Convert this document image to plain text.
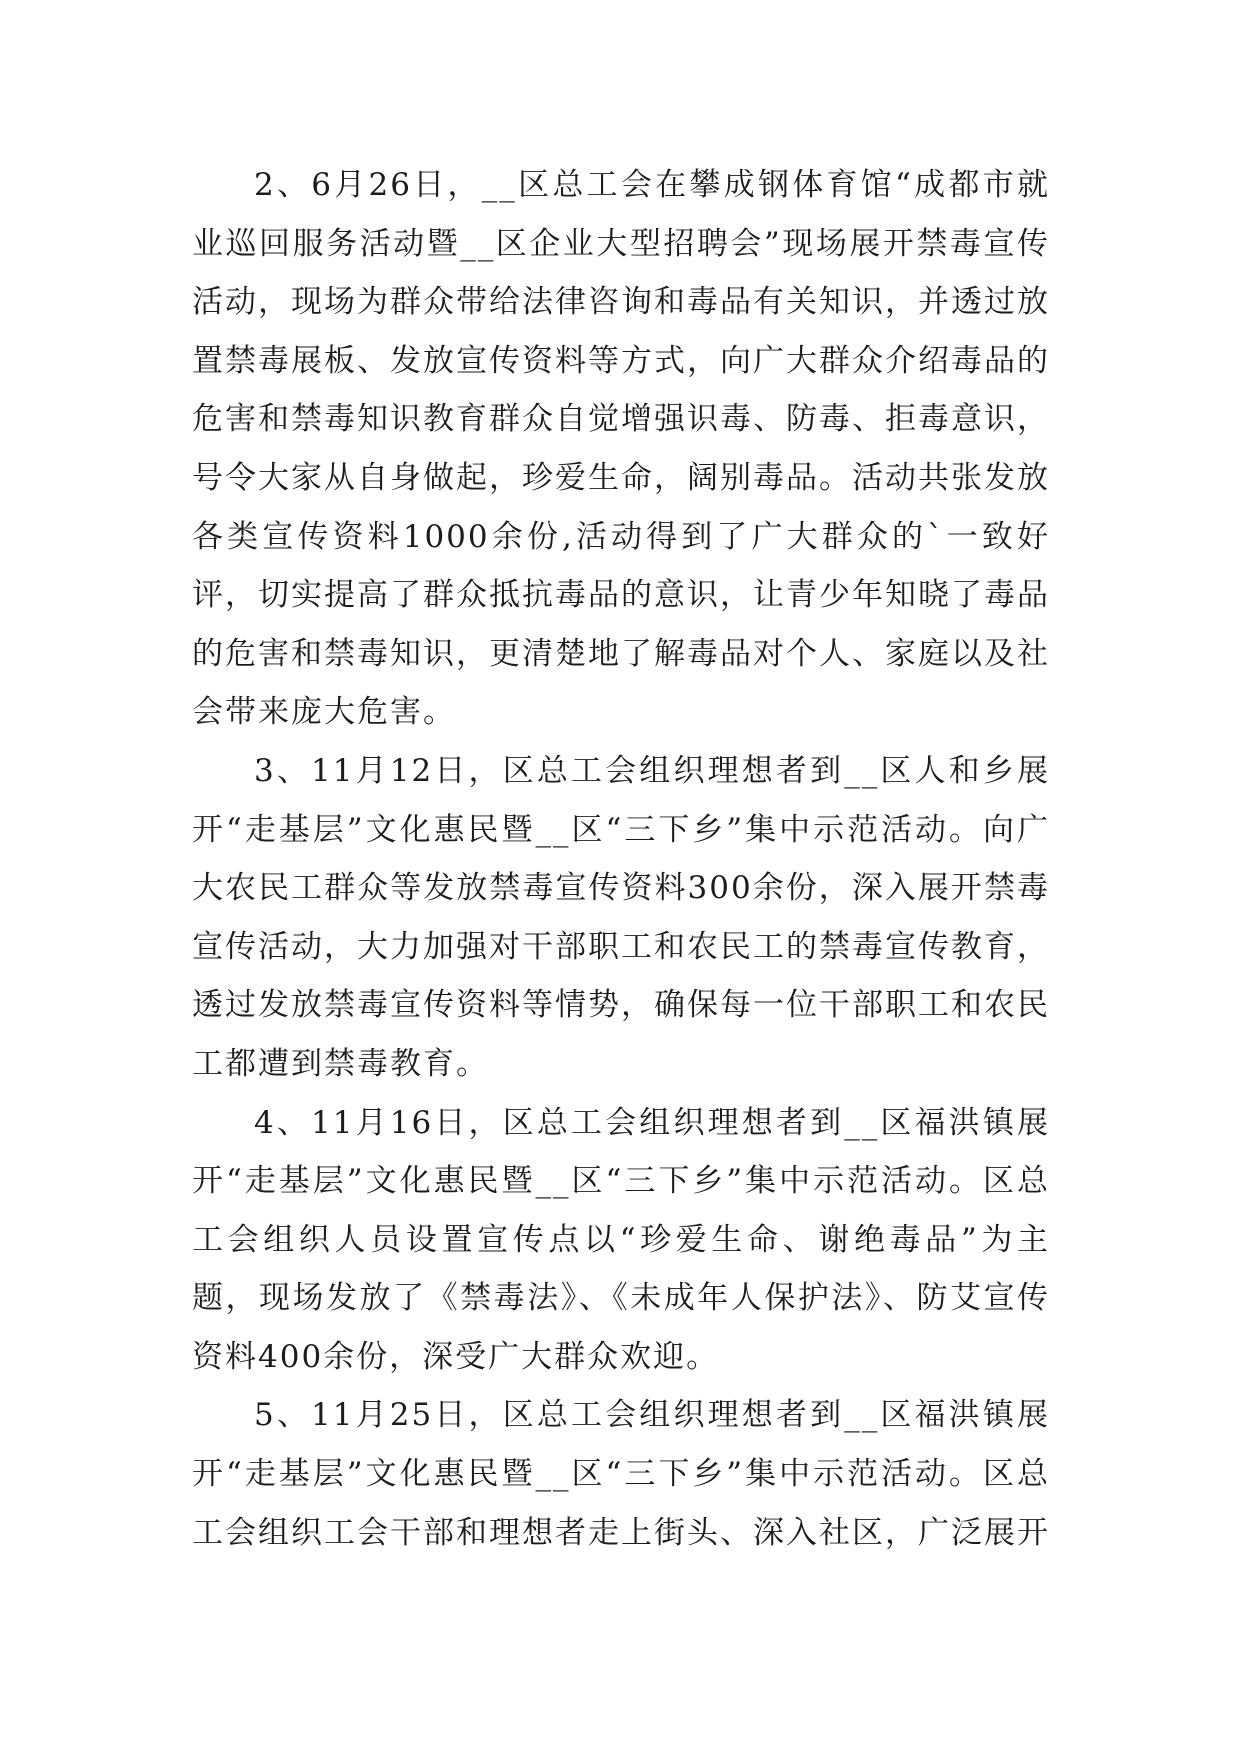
2、6月26日，__区总工会在攀成钢体育馆“成都市就业巡回服务活动暨__区企业大型招聘会”现场展开禁毒宣传活动，现场为群众带给法律咨询和毒品有关知识，并透过放置禁毒展板、发放宣传资料等方式，向广大群众介绍毒品的危害和禁毒知识教育群众自觉增强识毒、防毒、拒毒意识，号令大家从自身做起，珍爱生命，阔别毒品。活动共张发放各类宣传资料1000余份,活动得到了广大群众的`一致好评，切实提高了群众抵抗毒品的意识，让青少年知晓了毒品的危害和禁毒知识，更清楚地了解毒品对个人、家庭以及社会带来庞大危害。

3、11月12日，区总工会组织理想者到__区人和乡展开“走基层”文化惠民暨__区“三下乡”集中示范活动。向广大农民工群众等发放禁毒宣传资料300余份，深入展开禁毒宣传活动，大力加强对干部职工和农民工的禁毒宣传教育，透过发放禁毒宣传资料等情势，确保每一位干部职工和农民工都遭到禁毒教育。

4、11月16日，区总工会组织理想者到__区福洪镇展开“走基层”文化惠民暨__区“三下乡”集中示范活动。区总工会组织人员设置宣传点以“珍爱生命、谢绝毒品”为主题，现场发放了《禁毒法》、《未成年人保护法》、防艾宣传资料400余份，深受广大群众欢迎。

5、11月25日，区总工会组织理想者到__区福洪镇展开“走基层”文化惠民暨__区“三下乡”集中示范活动。区总工会组织工会干部和理想者走上街头、深入社区，广泛展开
